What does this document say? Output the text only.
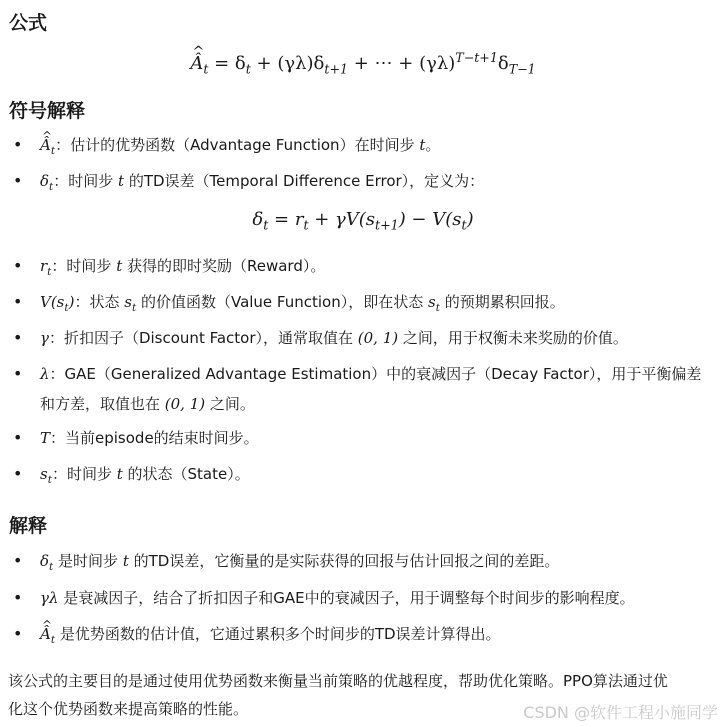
公式
^ $Â_t = \delta_t + (\gamma\lambda)\delta_{t+1}$ + ⋯ + $(\gamma\lambda)^{T-t+1}\delta_{T-1}$
符号解释
• ^ $Â_t$：估计的优势函数（Advantage Function）在时间步 t。
• $\delta_t$：时间步 t 的TD误差（Temporal Difference Error），定义为：
$\delta_t = r_t + \gamma V(s_{t+1}) - V(s_t)$
• $r_t$：时间步 t 获得的即时奖励（Reward）。
• $V(s_t)$：状态 $s_t$ 的价值函数（Value Function），即在状态 $s_t$ 的预期累积回报。
• γ：折扣因子（Discount Factor），通常取值在 (0, 1) 之间，用于权衡未来奖励的价值。
• λ：GAE（Generalized Advantage Estimation）中的衰减因子（Decay Factor），用于平衡偏差
和方差，取值也在 (0, 1) 之间。
• T：当前episode的结束时间步。
• $s_t$：时间步 t 的状态（State）。
解释
• $\delta_t$ 是时间步 t 的TD误差，它衡量的是实际获得的回报与估计回报之间的差距。
• γλ 是衰减因子，结合了折扣因子和GAE中的衰减因子，用于调整每个时间步的影响程度。
• ^ $Â_t$ 是优势函数的估计值，它通过累积多个时间步的TD误差计算得出。
该公式的主要目的是通过使用优势函数来衡量当前策略的优越程度，帮助优化策略。PPO算法通过优
化这个优势函数来提高策略的性能。	CSDN @软件工程小施同学
